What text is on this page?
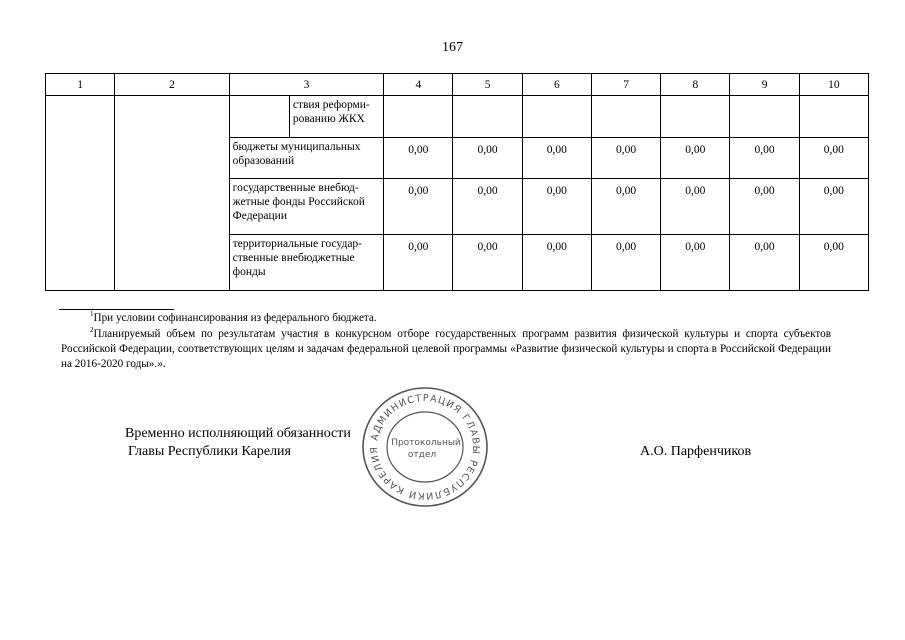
167
1	2	3		4	5	6	7	8	9	10
			ствия реформи-рованию ЖКХ							
		бюджеты муниципальных образований		0,00	0,00	0,00	0,00	0,00	0,00	0,00
		государственные внебюд-жетные фонды Российской Федерации		0,00	0,00	0,00	0,00	0,00	0,00	0,00
		территориальные государ-ственные внебюджетные фонды		0,00	0,00	0,00	0,00	0,00	0,00	0,00
$^1$При условии софинансирования из федерального бюджета.
$^2$Планируемый объем по результатам участия в конкурсном отборе государственных программ развития физической культуры и спорта субъектов Российской Федерации, соответствующих целям и задачам федеральной целевой программы «Развитие физической культуры и спорта в Российской Федерации на 2016-2020 годы».».
Временно исполняющий обязанности
Главы Республики Карелия	А.О. Парфенчиков
АДМИНИСТРАЦИЯ ГЛАВЫ РЕСПУБЛИКИ КАРЕЛИЯ
Протокольный
отдел
